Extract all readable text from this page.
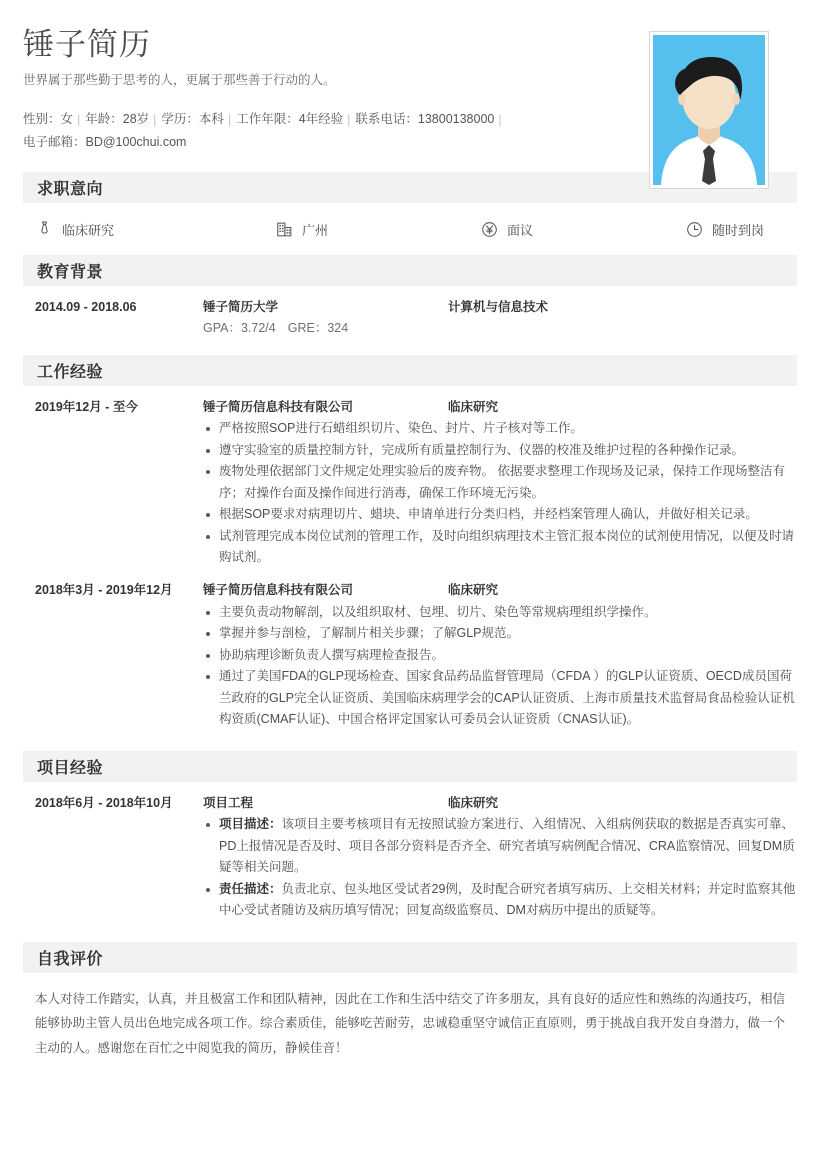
锤子简历

世界属于那些勤于思考的人，更属于那些善于行动的人。

性别：女 | 年龄：28岁 | 学历：本科 | 工作年限：4年经验 | 联系电话：13800138000 |
电子邮箱：BD@100chui.com
求职意向
临床研究	广州	面议	随时到岗
教育背景
2014.09 - 2018.06	锤子简历大学	计算机与信息技术
GPA：3.72/4 GRE：324
工作经验
2019年12月 - 至今	锤子简历信息科技有限公司	临床研究
严格按照SOP进行石蜡组织切片、染色、封片、片子核对等工作。
遵守实验室的质量控制方针，完成所有质量控制行为、仪器的校准及维护过程的各种操作记录。
废物处理依据部门文件规定处理实验后的废弃物。 依据要求整理工作现场及记录，保持工作现场整洁有序；对操作台面及操作间进行消毒，确保工作环境无污染。
根据SOP要求对病理切片、蜡块、申请单进行分类归档，并经档案管理人确认，并做好相关记录。
试剂管理完成本岗位试剂的管理工作，及时向组织病理技术主管汇报本岗位的试剂使用情况，以便及时请购试剂。
2018年3月 - 2019年12月	锤子简历信息科技有限公司	临床研究
主要负责动物解剖，以及组织取材、包埋、切片、染色等常规病理组织学操作。
掌握并参与剖检，了解制片相关步骤；了解GLP规范。
协助病理诊断负责人撰写病理检查报告。
通过了美国FDA的GLP现场检查、国家食品药品监督管理局（CFDA ）的GLP认证资质、OECD成员国荷兰政府的GLP完全认证资质、美国临床病理学会的CAP认证资质、上海市质量技术监督局食品检验认证机构资质(CMAF认证)、中国合格评定国家认可委员会认证资质（CNAS认证)。
项目经验
2018年6月 - 2018年10月	项目工程	临床研究
项目描述：该项目主要考核项目有无按照试验方案进行、入组情况、入组病例获取的数据是否真实可靠、PD上报情况是否及时、项目各部分资料是否齐全、研究者填写病例配合情况、CRA监察情况、回复DM质疑等相关问题。
责任描述：负责北京、包头地区受试者29例，及时配合研究者填写病历、上交相关材料；并定时监察其他中心受试者随访及病历填写情况；回复高级监察员、DM对病历中提出的质疑等。
自我评价
本人对待工作踏实，认真，并且极富工作和团队精神，因此在工作和生活中结交了许多朋友，具有良好的适应性和熟练的沟通技巧，相信能够协助主管人员出色地完成各项工作。综合素质佳，能够吃苦耐劳，忠诚稳重坚守诚信正直原则，勇于挑战自我开发自身潜力，做一个主动的人。感谢您在百忙之中阅览我的简历，静候佳音！
